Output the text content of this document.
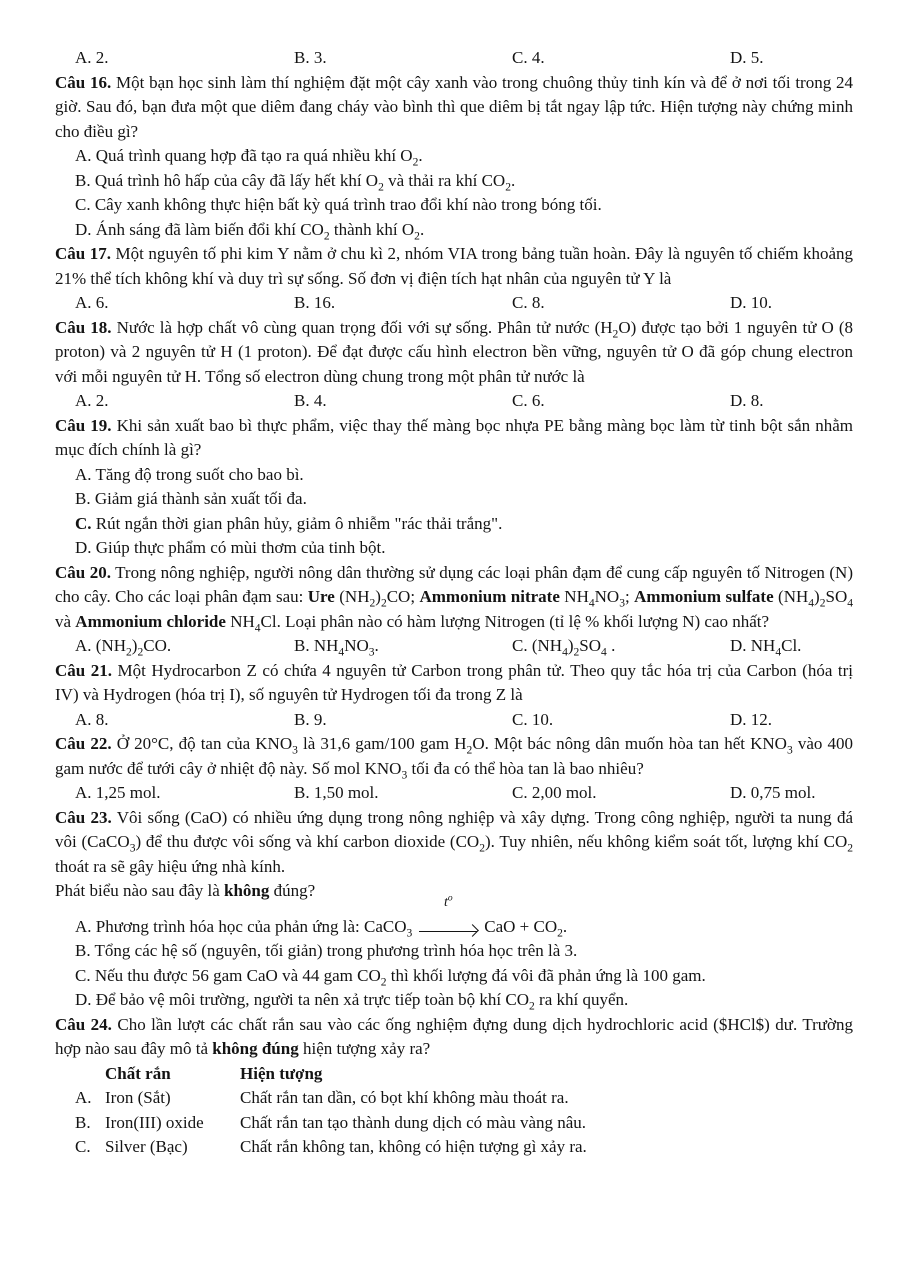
A. 2.	B. 3.	C. 4.	D. 5.

Câu 16. Một bạn học sinh làm thí nghiệm đặt một cây xanh vào trong chuông thủy tinh kín và để ở nơi tối trong 24 giờ. Sau đó, bạn đưa một que diêm đang cháy vào bình thì que diêm bị tắt ngay lập tức. Hiện tượng này chứng minh cho điều gì?

A. Quá trình quang hợp đã tạo ra quá nhiều khí $O_2$.
B. Quá trình hô hấp của cây đã lấy hết khí $O_2$ và thải ra khí $CO_2$.
C. Cây xanh không thực hiện bất kỳ quá trình trao đổi khí nào trong bóng tối.
D. Ánh sáng đã làm biến đổi khí $CO_2$ thành khí $O_2$.

Câu 17. Một nguyên tố phi kim Y nằm ở chu kì 2, nhóm VIA trong bảng tuần hoàn. Đây là nguyên tố chiếm khoảng 21% thể tích không khí và duy trì sự sống. Số đơn vị điện tích hạt nhân của nguyên tử Y là

A. 6.	B. 16.	C. 8.	D. 10.

Câu 18. Nước là hợp chất vô cùng quan trọng đối với sự sống. Phân tử nước $(H_2O)$ được tạo bởi 1 nguyên tử O (8 proton) và 2 nguyên tử H (1 proton). Để đạt được cấu hình electron bền vững, nguyên tử O đã góp chung electron với mỗi nguyên tử H. Tổng số electron dùng chung trong một phân tử nước là

A. 2.	B. 4.	C. 6.	D. 8.

Câu 19. Khi sản xuất bao bì thực phẩm, việc thay thế màng bọc nhựa PE bằng màng bọc làm từ tinh bột sắn nhằm mục đích chính là gì?

A. Tăng độ trong suốt cho bao bì.
B. Giảm giá thành sản xuất tối đa.
C. Rút ngắn thời gian phân hủy, giảm ô nhiễm "rác thải trắng".
D. Giúp thực phẩm có mùi thơm của tinh bột.

Câu 20. Trong nông nghiệp, người nông dân thường sử dụng các loại phân đạm để cung cấp nguyên tố Nitrogen (N) cho cây. Cho các loại phân đạm sau: Ure $(NH_2)_2CO$; Ammonium nitrate $NH_4NO_3$; Ammonium sulfate $(NH_4)_2SO_4$ và Ammonium chloride $NH_4Cl$. Loại phân nào có hàm lượng Nitrogen (tỉ lệ % khối lượng N) cao nhất?

A. $(NH_2)_2CO$.	B. $NH_4NO_3$.	C. $(NH_4)_2SO_4$ .	D. $NH_4Cl$.

Câu 21. Một Hydrocarbon Z có chứa 4 nguyên tử Carbon trong phân tử. Theo quy tắc hóa trị của Carbon (hóa trị IV) và Hydrogen (hóa trị I), số nguyên tử Hydrogen tối đa trong Z là

A. 8.	B. 9.	C. 10.	D. 12.

Câu 22. Ở 20°C, độ tan của $KNO_3$ là 31,6 gam/100 gam $H_2O$. Một bác nông dân muốn hòa tan hết $KNO_3$ vào 400 gam nước để tưới cây ở nhiệt độ này. Số mol $KNO_3$ tối đa có thể hòa tan là bao nhiêu?

A. 1,25 mol.	B. 1,50 mol.	C. 2,00 mol.	D. 0,75 mol.

Câu 23. Vôi sống (CaO) có nhiều ứng dụng trong nông nghiệp và xây dựng. Trong công nghiệp, người ta nung đá vôi (CaCO$_3$) để thu được vôi sống và khí carbon dioxide $(CO_2)$. Tuy nhiên, nếu không kiểm soát tốt, lượng khí $CO_2$ thoát ra sẽ gây hiệu ứng nhà kính.

Phát biểu nào sau đây là không đúng?

A. Phương trình hóa học của phản ứng là: CaCO$_3$
$t^o$
CaO + $CO_2$.
B. Tổng các hệ số (nguyên, tối giản) trong phương trình hóa học trên là 3.
C. Nếu thu được 56 gam CaO và 44 gam $CO_2$ thì khối lượng đá vôi đã phản ứng là 100 gam.
D. Để bảo vệ môi trường, người ta nên xả trực tiếp toàn bộ khí $CO_2$ ra khí quyển.

Câu 24. Cho lần lượt các chất rắn sau vào các ống nghiệm đựng dung dịch hydrochloric acid ($HCl$) dư. Trường hợp nào sau đây mô tả không đúng hiện tượng xảy ra?

Chất rắn	Hiện tượng
A. Iron (Sắt)	Chất rắn tan dần, có bọt khí không màu thoát ra.
B. Iron(III) oxide	Chất rắn tan tạo thành dung dịch có màu vàng nâu.
C. Silver (Bạc)	Chất rắn không tan, không có hiện tượng gì xảy ra.
